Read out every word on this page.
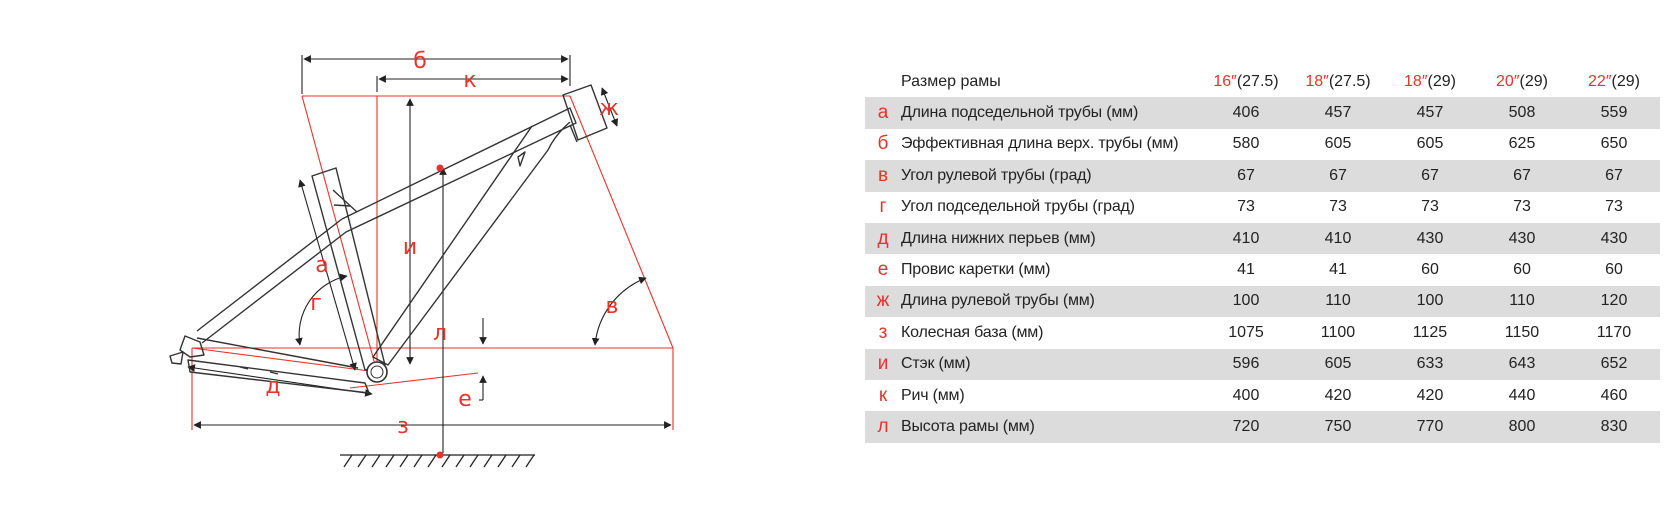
б
к
ж
и
а
г	в
л
д
е
з
	Размер рамы	16″(27.5)	18″(27.5)	18″(29)	20″(29)	22″(29)
а	Длина подседельной трубы (мм)	406	457	457	508	559
б	Эффективная длина верх. трубы (мм)	580	605	605	625	650
в	Угол рулевой трубы (град)	67	67	67	67	67
г	Угол подседельной трубы (град)	73	73	73	73	73
д	Длина нижних перьев (мм)	410	410	430	430	430
е	Провис каретки (мм)	41	41	60	60	60
ж	Длина рулевой трубы (мм)	100	110	100	110	120
з	Колесная база (мм)	1075	1100	1125	1150	1170
и	Стэк (мм)	596	605	633	643	652
к	Рич (мм)	400	420	420	440	460
л	Высота рамы (мм)	720	750	770	800	830
